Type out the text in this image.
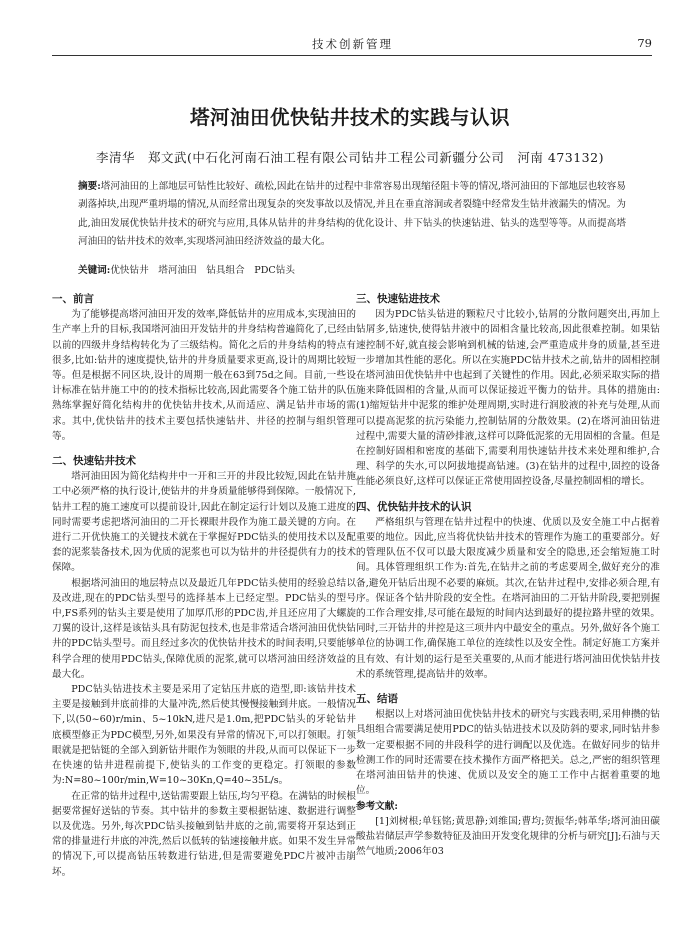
技术创新管理	79
塔河油田优快钻井技术的实践与认识
李清华　郑文武(中石化河南石油工程有限公司钻井工程公司新疆分公司　河南 473132)
摘要:塔河油田的上部地层可钻性比较好、疏松,因此在钻井的过程中非常容易出现缩径阻卡等的情况,塔河油田的下部地层也较容易剥落掉块,出现严重坍塌的情况,从而经常出现复杂的突发事故以及情况,并且在垂直溶洞或者裂缝中经常发生钻井液漏失的情况。为此,油田发展优快钻井技术的研究与应用,具体从钻井的井身结构的优化设计、井下钻头的快速钻进、钻头的选型等等。从而提高塔河油田的钻井技术的效率,实现塔河油田经济效益的最大化。
关键词:优快钻井　塔河油田　钻具组合　PDC钻头

一、前言

为了能够提高塔河油田开发的效率,降低钻井的应用成本,实现油田的生产率上升的目标,我国塔河油田开发钻井的井身结构普遍简化了,已经由以前的四级井身结构转化为了三级结构。简化之后的井身结构的特点有很多,比如:钻井的速度提快,钻井的井身质量要求更高,设计的周期比较短等。但是根据不同区块,设计的周期一般在63到75d之间。目前,一些设计标准在钻井施工中的的技术指标比较高,因此需要各个施工钻井的队伍熟练掌握好简化结构井的优快钻井技术,从而适应、满足钻井市场的需求。其中,优快钻井的技术主要包括快速钻井、井径的控制与组织管理等。

二、快速钻井技术

塔河油田因为简化结构井中一开和三开的井段比较短,因此在钻井施工中必须严格的执行设计,使钻井的井身质量能够得到保障。一般情况下,钻井工程的施工速度可以提前设计,因此在制定运行计划以及施工进度的同时需要考虑把塔河油田的二开长裸眼井段作为施工最关键的方向。在进行二开优快施工的关键技术就在于掌握好PDC钻头的使用技术以及配套的泥浆装备技术,因为优质的泥浆也可以为钻井的井径提供有力的技术保障。

根据塔河油田的地层特点以及最近几年PDC钻头使用的经验总结以及改进,现在的PDC钻头型号的选择基本上已经定型。PDC钻头的型号中,FS系列的钻头主要是使用了加厚爪形的PDC齿,并且还应用了大螺旋刀翼的设计,这样是该钻头具有防泥包技术,也是非常适合塔河油田优快钻井的PDC钻头型号。而且经过多次的优快钻井技术的时间表明,只要能够科学合理的使用PDC钻头,保障优质的泥浆,就可以塔河油田经济效益的最大化。

PDC钻头钻进技术主要是采用了定钻压井底的造型,即:该钻井技术主要是接触到井底前排的大量冲洗,然后使其慢慢接触到井底。一般情况下,以(50~60)r/min、5~10kN,进尺是1.0m,把PDC钻头的牙轮钻井底模型修正为PDC模型,另外,如果没有异常的情况下,可以打领眼。打领眼就是把钻铤的全部入到新钻井眼作为领眼的井段,从而可以保证下一步在快速的钻井进程前提下,使钻头的工作变的更稳定。打领眼的参数为:N=80~100r/min,W=10~30Kn,Q=40~35L/s。

在正常的钻井过程中,送钻需要跟上钻压,均匀平稳。在满钻的时候根据要常握好送钻的节奏。其中钻井的参数主要根据钻速、数据进行调整以及优选。另外,每次PDC钻头接触到钻井底的之前,需要将开泵达到正常的排量进行井底的冲洗,然后以低转的钻速接触井底。如果不发生异常的情况下,可以提高钻压转数进行钻进,但是需要避免PDC片被冲击崩坏。

三、快速钻进技术

因为PDC钻头钻进的颗粒尺寸比较小,钻屑的分散问题突出,再加上钻屑多,钻速快,使得钻井液中的固相含量比较高,因此很难控制。如果钻速控制不好,就直接会影响到机械的钻速,会严重造成井身的质量,甚至进一步增加其性能的恶化。所以在实施PDC钻井技术之前,钻井的固相控制在塔河油田优快钻井中也起到了关键性的作用。因此,必须采取实际的措施来降低固相的含量,从而可以保证接近平衡力的钻井。具体的措施由:(1)缩短钻井中泥浆的维护处理周期,实时进行润胶液的补充与处理,从而可以提高泥浆的抗污染能力,控制钻屑的分散效果。(2)在塔河油田钻进过程中,需要大量的清砂排液,这样可以降低泥浆的无用固相的含量。但是在控制好固相和密度的基础下,需要利用快速钻井技术来处理和维护,合理、科学的失水,可以阿拔地提高钻速。(3)在钻井的过程中,固控的设备性能必须良好,这样可以保证正常使用固控设备,尽量控制固相的增长。

四、优快钻井技术的认识

严格组织与管理在钻井过程中的快速、优质以及安全施工中占据着重要的地位。因此,应当将优快钻井技术的管理作为施工的重要部分。好的管理队伍不仅可以最大限度减少质量和安全的隐患,还会缩短施工时间。具体管理组织工作为:首先,在钻井之前的考虑要周全,做好充分的准备,避免开钻后出现不必要的麻烦。其次,在钻井过程中,安排必须合理,有序。保证各个钻井阶段的安全性。在塔河油田的二开钻井阶段,要把别握的工作合理安排,尽可能在最短的时间内达到最好的提拉路井壁的效果。同时,三开钻井的井控是这三项井内中最安全的重点。另外,做好各个施工单位的协调工作,确保施工单位的连续性以及安全性。制定好施工方案并且有效、有计划的运行是至关重要的,从而才能进行塔河油田优快钻井技术的系统管理,提高钻井的效率。

五、结语

根据以上对塔河油田优快钻井技术的研究与实践表明,采用伸攒的钻具组组合需要满足使用PDC的钻头钻进技术以及防斜的要求,同时钻井参数一定要根据不同的井段科学的进行调配以及优选。在做好同步的钻井检测工作的同时还需要在技术操作方面严格把关。总之,严密的组织管理在塔河油田钻井的快速、优质以及安全的施工工作中占据着重要的地位。

参考文献:

[1]刘树根;单钰铭;黄思静;刘维国;曹均;贺振华;韩革华;塔河油田碳酸盐岩储层声学参数特征及油田开发变化规律的分析与研究[J];石油与天然气地质;2006年03
